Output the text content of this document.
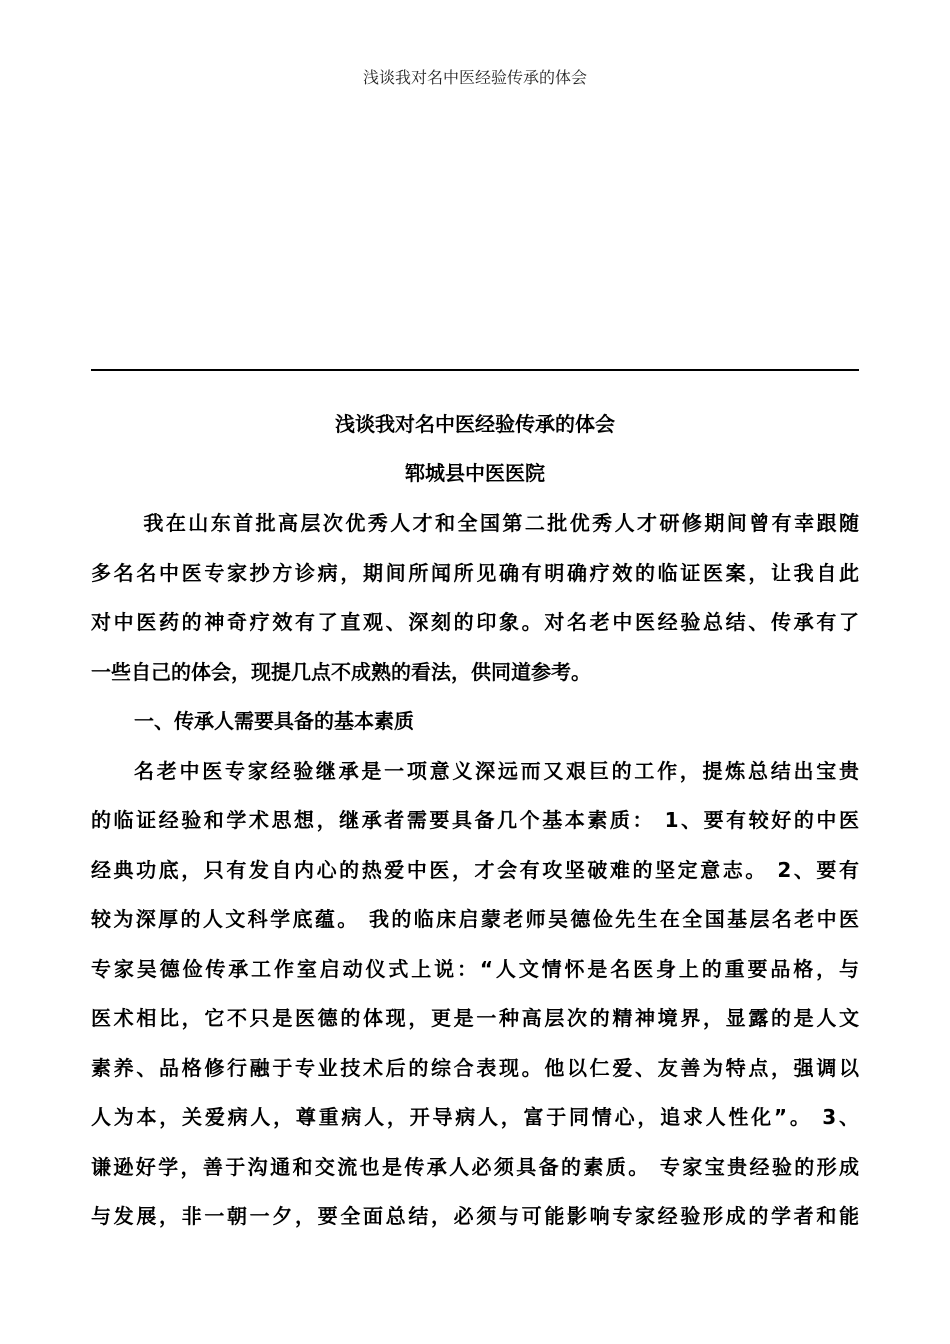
浅谈我对名中医经验传承的体会
浅谈我对名中医经验传承的体会
郓城县中医医院
　我在山东首批高层次优秀人才和全国第二批优秀人才研修期间曾有幸跟随
多名名中医专家抄方诊病，期间所闻所见确有明确疗效的临证医案，让我自此
对中医药的神奇疗效有了直观、深刻的印象。对名老中医经验总结、传承有了
一些自己的体会，现提几点不成熟的看法，供同道参考。
一、传承人需要具备的基本素质
名老中医专家经验继承是一项意义深远而又艰巨的工作，提炼总结出宝贵
的临证经验和学术思想，继承者需要具备几个基本素质： 1、要有较好的中医
经典功底，只有发自内心的热爱中医，才会有攻坚破难的坚定意志。 2、要有
较为深厚的人文科学底蕴。 我的临床启蒙老师吴德俭先生在全国基层名老中医
专家吴德俭传承工作室启动仪式上说：“人文情怀是名医身上的重要品格，与
医术相比，它不只是医德的体现，更是一种高层次的精神境界，显露的是人文
素养、品格修行融于专业技术后的综合表现。他以仁爱、友善为特点，强调以
人为本，关爱病人，尊重病人，开导病人，富于同情心，追求人性化”。 3、
谦逊好学，善于沟通和交流也是传承人必须具备的素质。 专家宝贵经验的形成
与发展，非一朝一夕，要全面总结，必须与可能影响专家经验形成的学者和能
